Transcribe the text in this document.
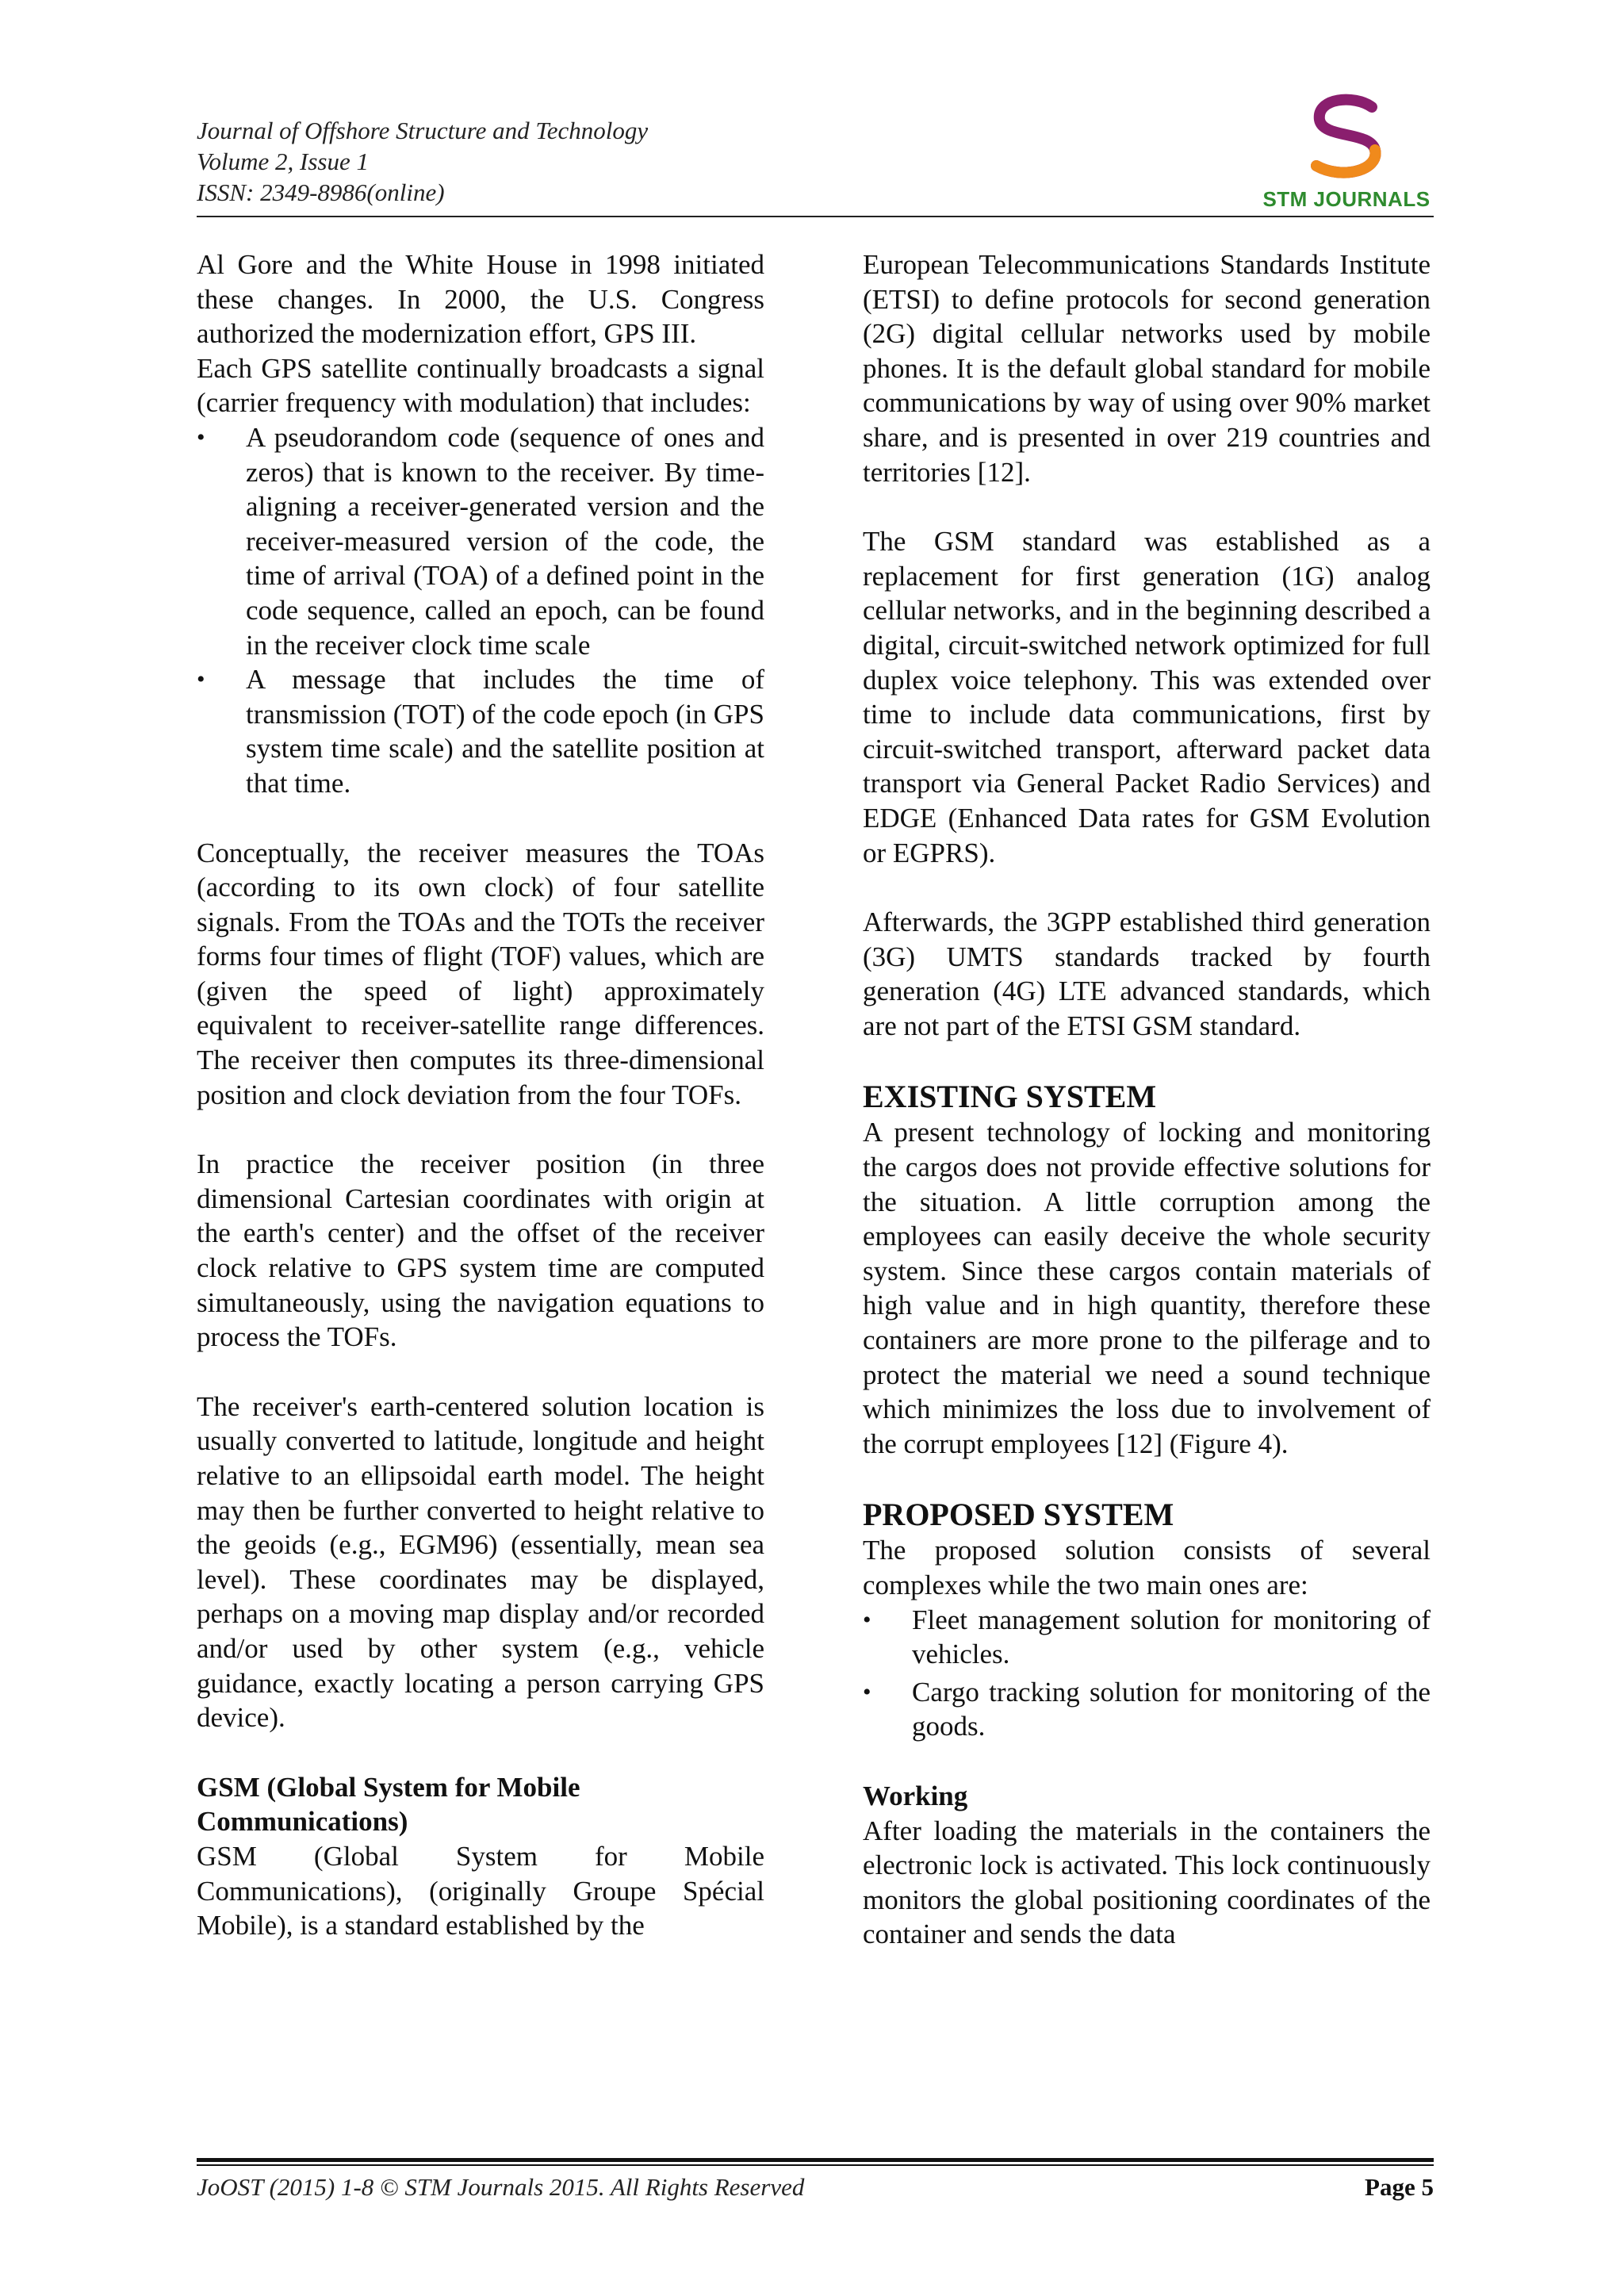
Journal of Offshore Structure and Technology
Volume 2, Issue 1
ISSN: 2349-8986(online)	STM JOURNALS

Al Gore and the White House in 1998 initiated these changes. In 2000, the U.S. Congress authorized the modernization effort, GPS III.

Each GPS satellite continually broadcasts a signal (carrier frequency with modulation) that includes:

•	A pseudorandom code (sequence of ones and zeros) that is known to the receiver. By time-aligning a receiver-generated version and the receiver-measured version of the code, the time of arrival (TOA) of a defined point in the code sequence, called an epoch, can be found in the receiver clock time scale
•	A message that includes the time of transmission (TOT) of the code epoch (in GPS system time scale) and the satellite position at that time.

Conceptually, the receiver measures the TOAs (according to its own clock) of four satellite signals. From the TOAs and the TOTs the receiver forms four times of flight (TOF) values, which are (given the speed of light) approximately equivalent to receiver-satellite range differences. The receiver then computes its three-dimensional position and clock deviation from the four TOFs.

In practice the receiver position (in three dimensional Cartesian coordinates with origin at the earth's center) and the offset of the receiver clock relative to GPS system time are computed simultaneously, using the navigation equations to process the TOFs.

The receiver's earth-centered solution location is usually converted to latitude, longitude and height relative to an ellipsoidal earth model. The height may then be further converted to height relative to the geoids (e.g., EGM96) (essentially, mean sea level). These coordinates may be displayed, perhaps on a moving map display and/or recorded and/or used by other system (e.g., vehicle guidance, exactly locating a person carrying GPS device).

GSM (Global System for Mobile Communications)

GSM (Global System for Mobile Communications), (originally Groupe Spécial Mobile), is a standard established by the

European Telecommunications Standards Institute (ETSI) to define protocols for second generation (2G) digital cellular networks used by mobile phones. It is the default global standard for mobile communications by way of using over 90% market share, and is presented in over 219 countries and territories [12].

The GSM standard was established as a replacement for first generation (1G) analog cellular networks, and in the beginning described a digital, circuit-switched network optimized for full duplex voice telephony. This was extended over time to include data communications, first by circuit-switched transport, afterward packet data transport via General Packet Radio Services) and EDGE (Enhanced Data rates for GSM Evolution or EGPRS).

Afterwards, the 3GPP established third generation (3G) UMTS standards tracked by fourth generation (4G) LTE advanced standards, which are not part of the ETSI GSM standard.

EXISTING SYSTEM

A present technology of locking and monitoring the cargos does not provide effective solutions for the situation. A little corruption among the employees can easily deceive the whole security system. Since these cargos contain materials of high value and in high quantity, therefore these containers are more prone to the pilferage and to protect the material we need a sound technique which minimizes the loss due to involvement of the corrupt employees [12] (Figure 4).

PROPOSED SYSTEM

The proposed solution consists of several complexes while the two main ones are:

•	Fleet management solution for monitoring of vehicles.
•	Cargo tracking solution for monitoring of the goods.
Working

After loading the materials in the containers the electronic lock is activated. This lock continuously monitors the global positioning coordinates of the container and sends the data

JoOST (2015) 1-8 © STM Journals 2015. All Rights Reserved	Page 5
